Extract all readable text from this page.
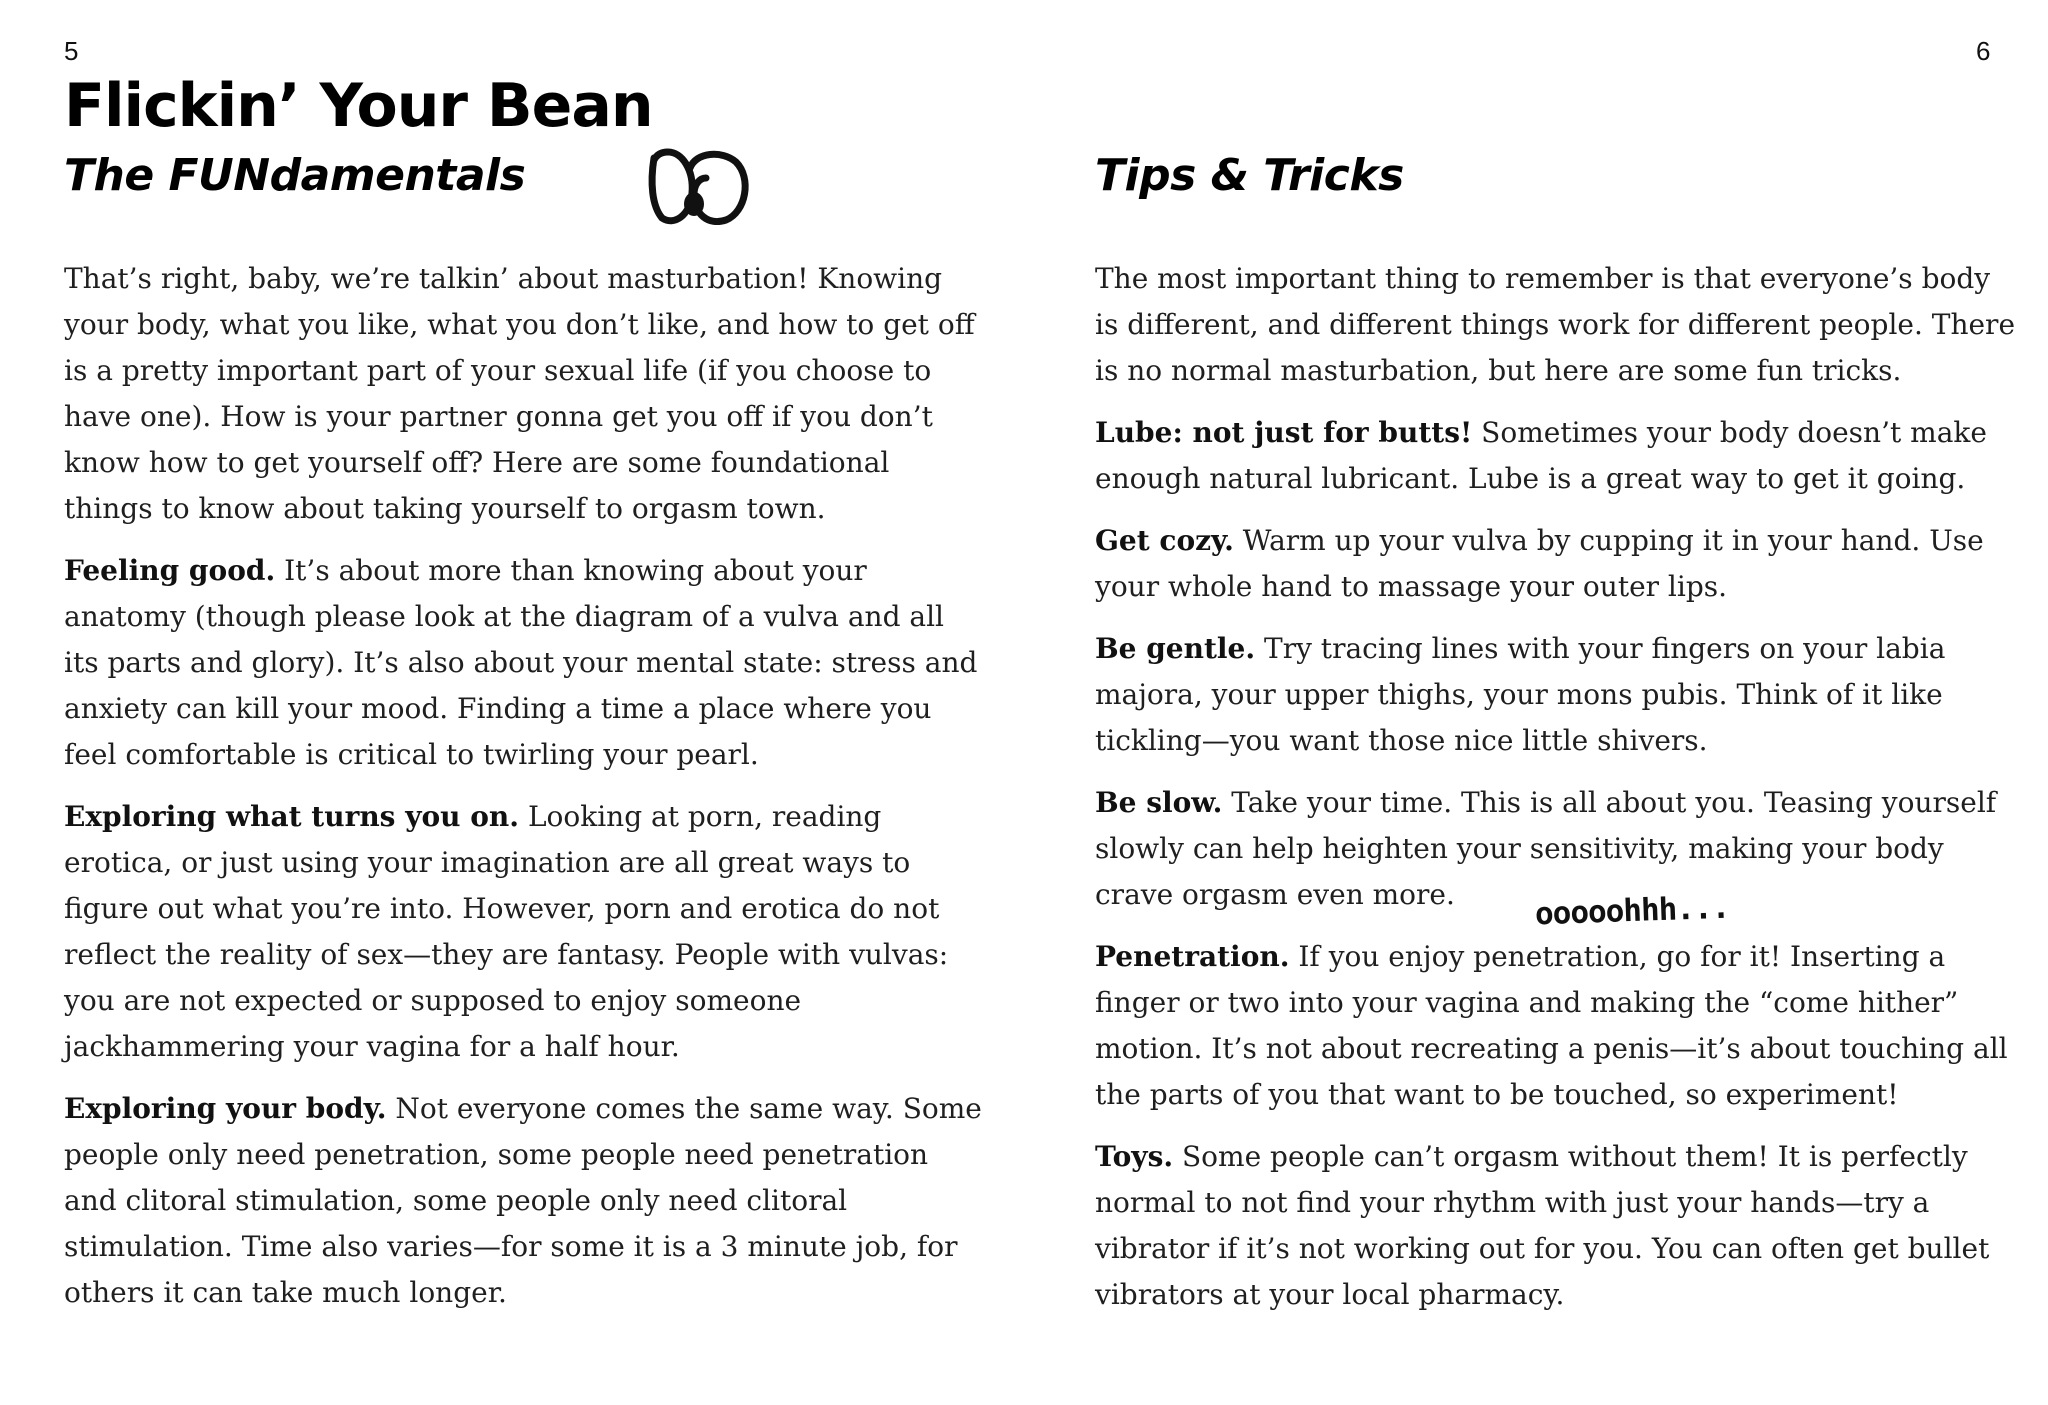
5
Flickin’ Your Bean
The FUNdamentals

That’s right, baby, we’re talkin’ about masturbation! Knowing your body, what you like, what you don’t like, and how to get off is a pretty important part of your sexual life (if you choose to have one). How is your partner gonna get you off if you don’t know how to get yourself off? Here are some foundational things to know about taking yourself to orgasm town.

Feeling good. It’s about more than knowing about your anatomy (though please look at the diagram of a vulva and all its parts and glory). It’s also about your mental state: stress and anxiety can kill your mood. Finding a time a place where you feel comfortable is critical to twirling your pearl.

Exploring what turns you on. Looking at porn, reading erotica, or just using your imagination are all great ways to figure out what you’re into. However, porn and erotica do not reflect the reality of sex—they are fantasy. People with vulvas: you are not expected or supposed to enjoy someone jackhammering your vagina for a half hour.

Exploring your body. Not everyone comes the same way. Some people only need penetration, some people need penetration and clitoral stimulation, some people only need clitoral stimulation. Time also varies—for some it is a 3 minute job, for others it can take much longer.

6
Tips & Tricks

The most important thing to remember is that everyone’s body is different, and different things work for different people. There is no normal masturbation, but here are some fun tricks.

Lube: not just for butts! Sometimes your body doesn’t make enough natural lubricant. Lube is a great way to get it going.

Get cozy. Warm up your vulva by cupping it in your hand. Use your whole hand to massage your outer lips.

Be gentle. Try tracing lines with your fingers on your labia majora, your upper thighs, your mons pubis. Think of it like tickling—you want those nice little shivers.

Be slow. Take your time. This is all about you. Teasing yourself slowly can help heighten your sensitivity, making your body crave orgasm even more.

Penetration. If you enjoy penetration, go for it! Inserting a finger or two into your vagina and making the “come hither” motion. It’s not about recreating a penis—it’s about touching all the parts of you that want to be touched, so experiment!

Toys. Some people can’t orgasm without them! It is perfectly normal to not find your rhythm with just your hands—try a vibrator if it’s not working out for you. You can often get bullet vibrators at your local pharmacy.

ooooohhh...
